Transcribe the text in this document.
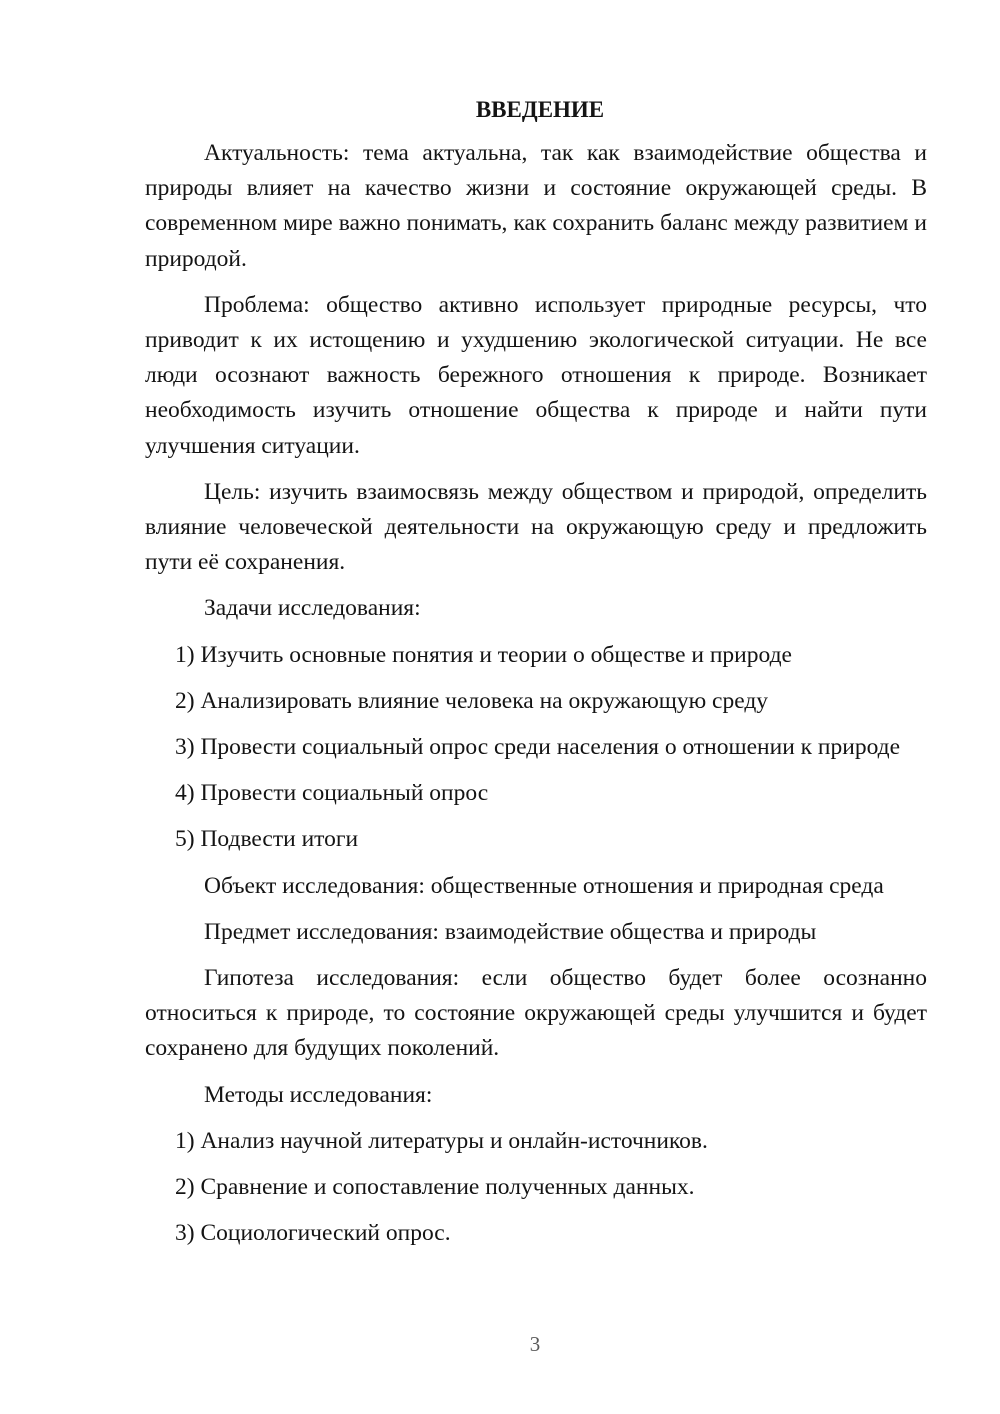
ВВЕДЕНИЕ

Актуальность: тема актуальна, так как взаимодействие общества и природы влияет на качество жизни и состояние окружающей среды. В современном мире важно понимать, как сохранить баланс между развитием и природой.

Проблема: общество активно использует природные ресурсы, что приводит к их истощению и ухудшению экологической ситуации. Не все люди осознают важность бережного отношения к природе. Возникает необходимость изучить отношение общества к природе и найти пути улучшения ситуации.

Цель: изучить взаимосвязь между обществом и природой, определить влияние человеческой деятельности на окружающую среду и предложить пути её сохранения.

Задачи исследования:

1) Изучить основные понятия и теории о обществе и природе

2) Анализировать влияние человека на окружающую среду

3) Провести социальный опрос среди населения о отношении к природе

4) Провести социальный опрос

5) Подвести итоги

Объект исследования: общественные отношения и природная среда

Предмет исследования: взаимодействие общества и природы

Гипотеза исследования: если общество будет более осознанно относиться к природе, то состояние окружающей среды улучшится и будет сохранено для будущих поколений.

Методы исследования:

1) Анализ научной литературы и онлайн-источников.

2) Сравнение и сопоставление полученных данных.

3) Социологический опрос.

3
